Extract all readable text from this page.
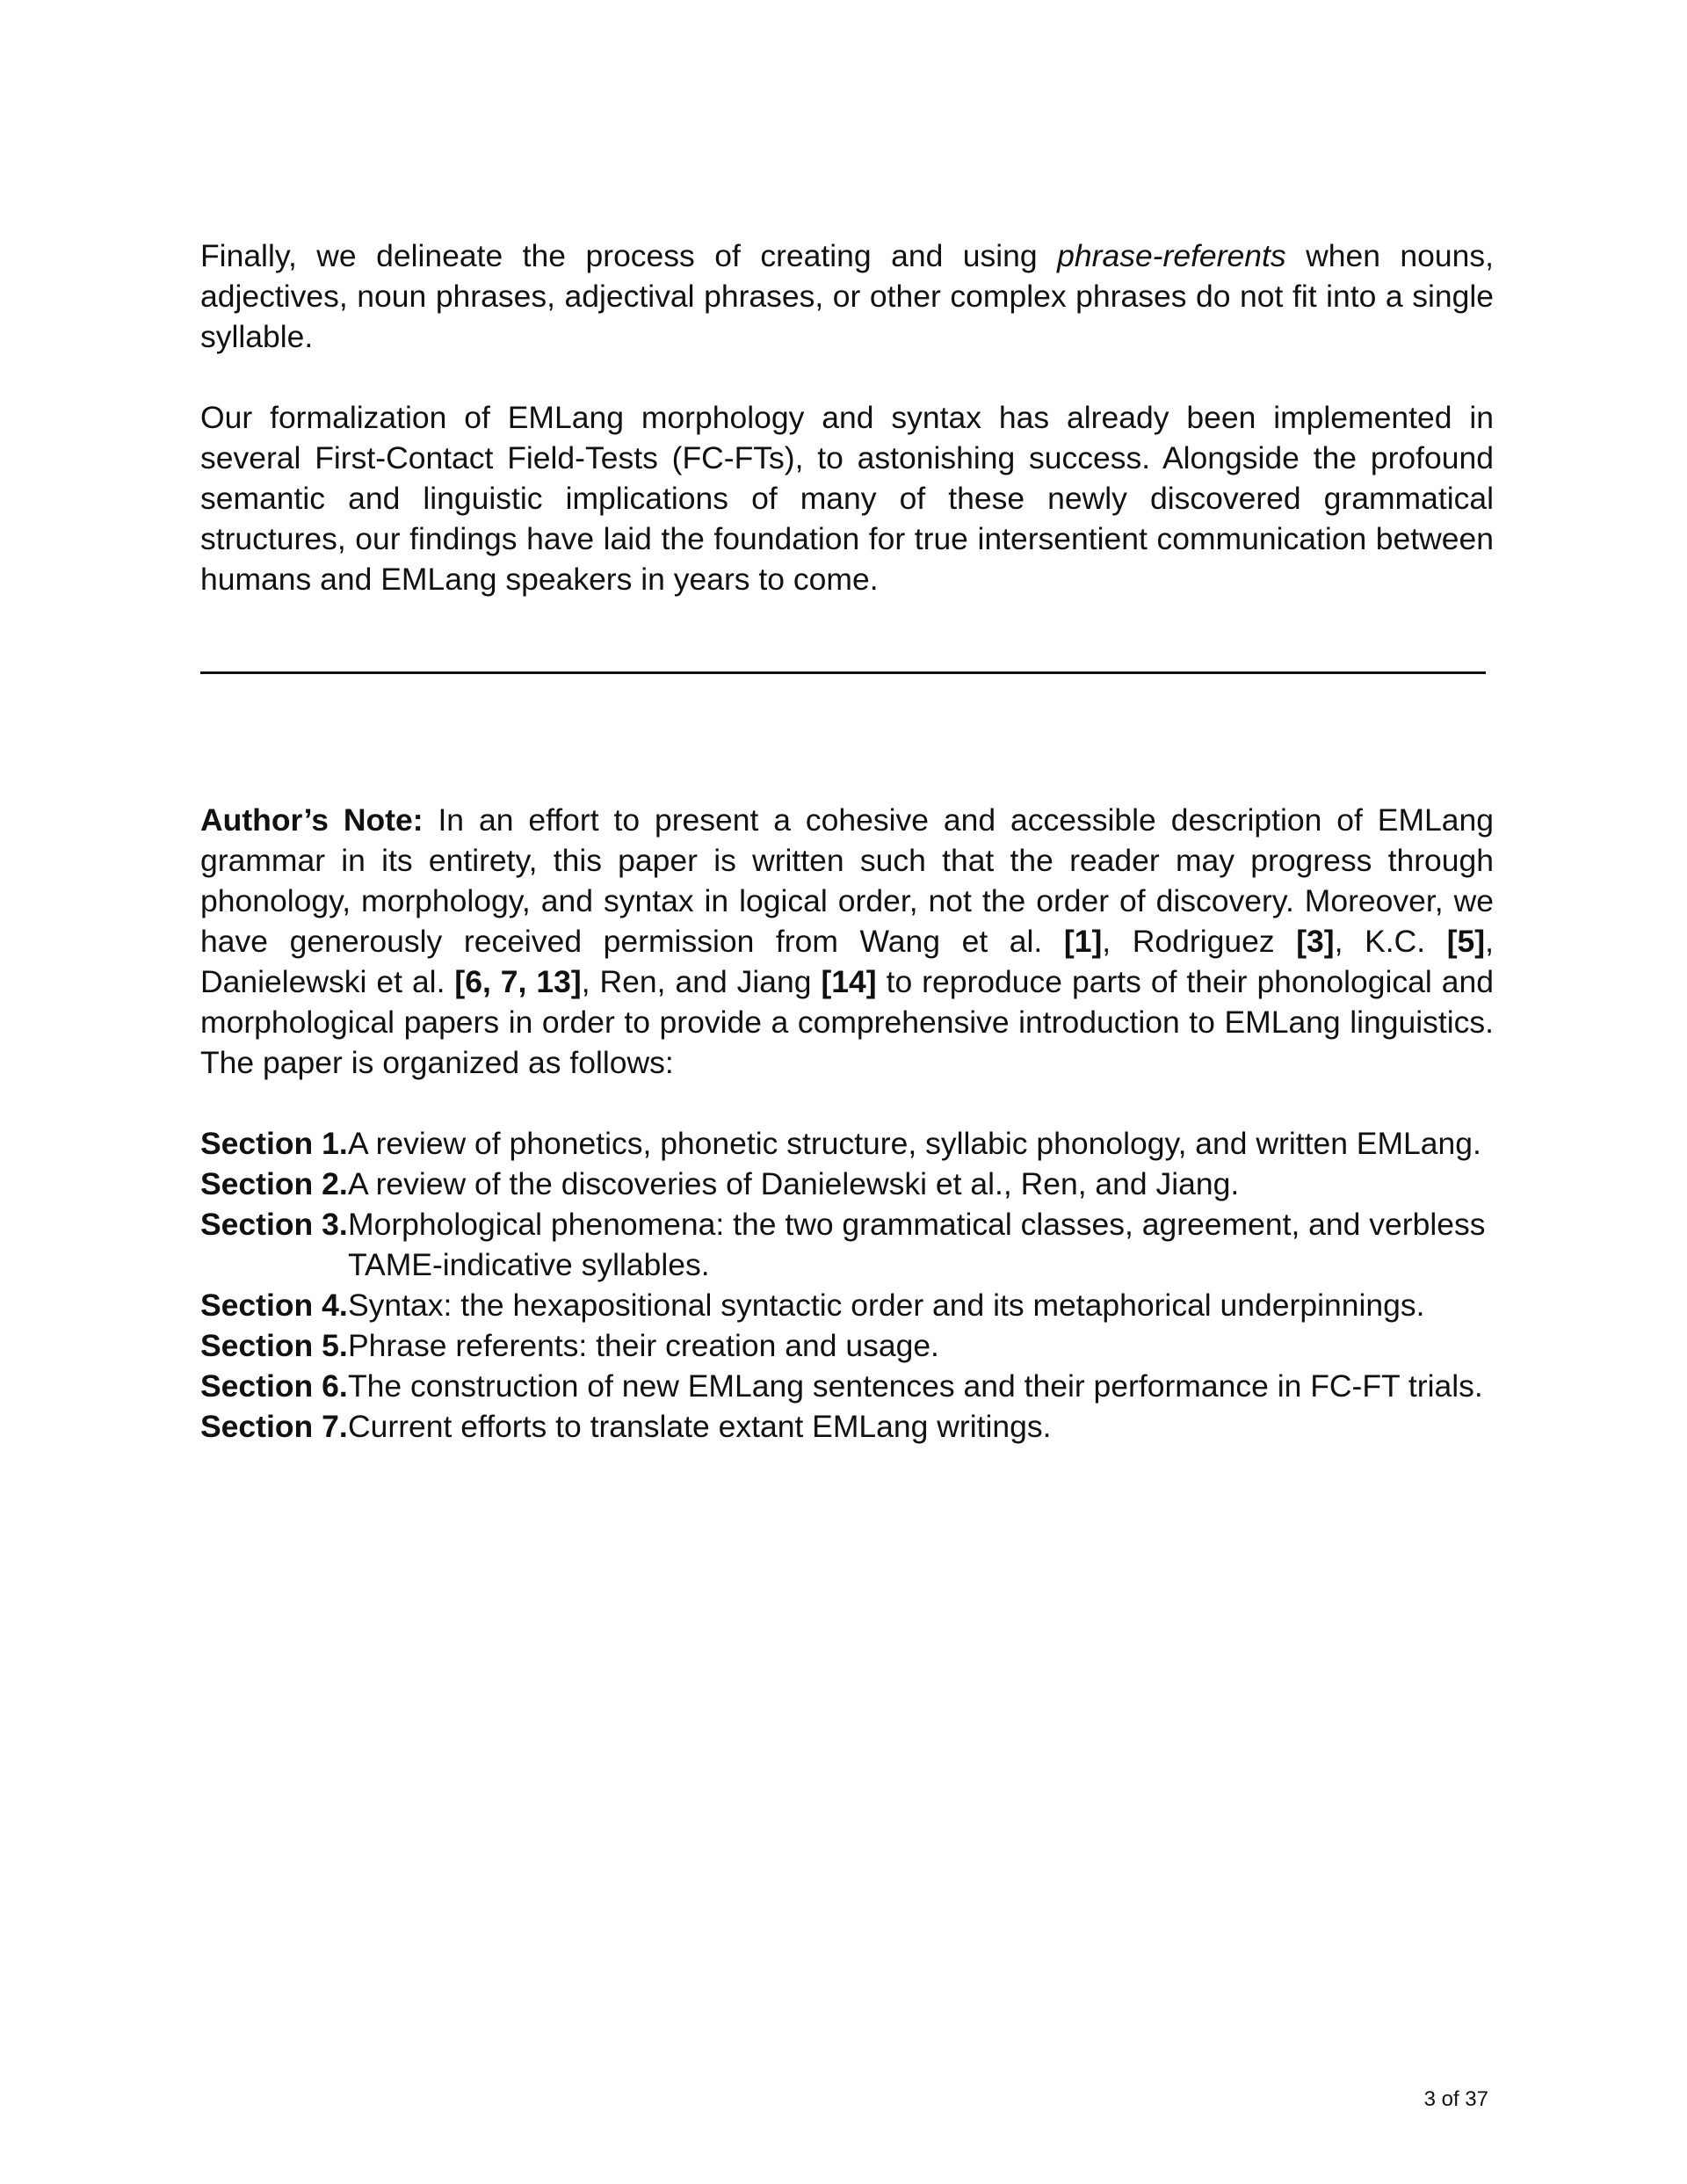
Finally, we delineate the process of creating and using phrase-referents when nouns, adjectives, noun phrases, adjectival phrases, or other complex phrases do not fit into a single syllable.

Our formalization of EMLang morphology and syntax has already been implemented in several First-Contact Field-Tests (FC-FTs), to astonishing success. Alongside the profound semantic and linguistic implications of many of these newly discovered grammatical structures, our findings have laid the foundation for true intersentient communication between humans and EMLang speakers in years to come.

Author’s Note: In an effort to present a cohesive and accessible description of EMLang grammar in its entirety, this paper is written such that the reader may progress through phonology, morphology, and syntax in logical order, not the order of discovery. Moreover, we have generously received permission from Wang et al. [1], Rodriguez [3], K.C. [5], Danielewski et al. [6, 7, 13], Ren, and Jiang [14] to reproduce parts of their phonological and morphological papers in order to provide a comprehensive introduction to EMLang linguistics. The paper is organized as follows:

Section 1. A review of phonetics, phonetic structure, syllabic phonology, and written EMLang.
Section 2. A review of the discoveries of Danielewski et al., Ren, and Jiang.
Section 3. Morphological phenomena: the two grammatical classes, agreement, and verbless TAME-indicative syllables.
Section 4. Syntax: the hexapositional syntactic order and its metaphorical underpinnings.
Section 5. Phrase referents: their creation and usage.
Section 6. The construction of new EMLang sentences and their performance in FC-FT trials.
Section 7. Current efforts to translate extant EMLang writings.
3 of 37
